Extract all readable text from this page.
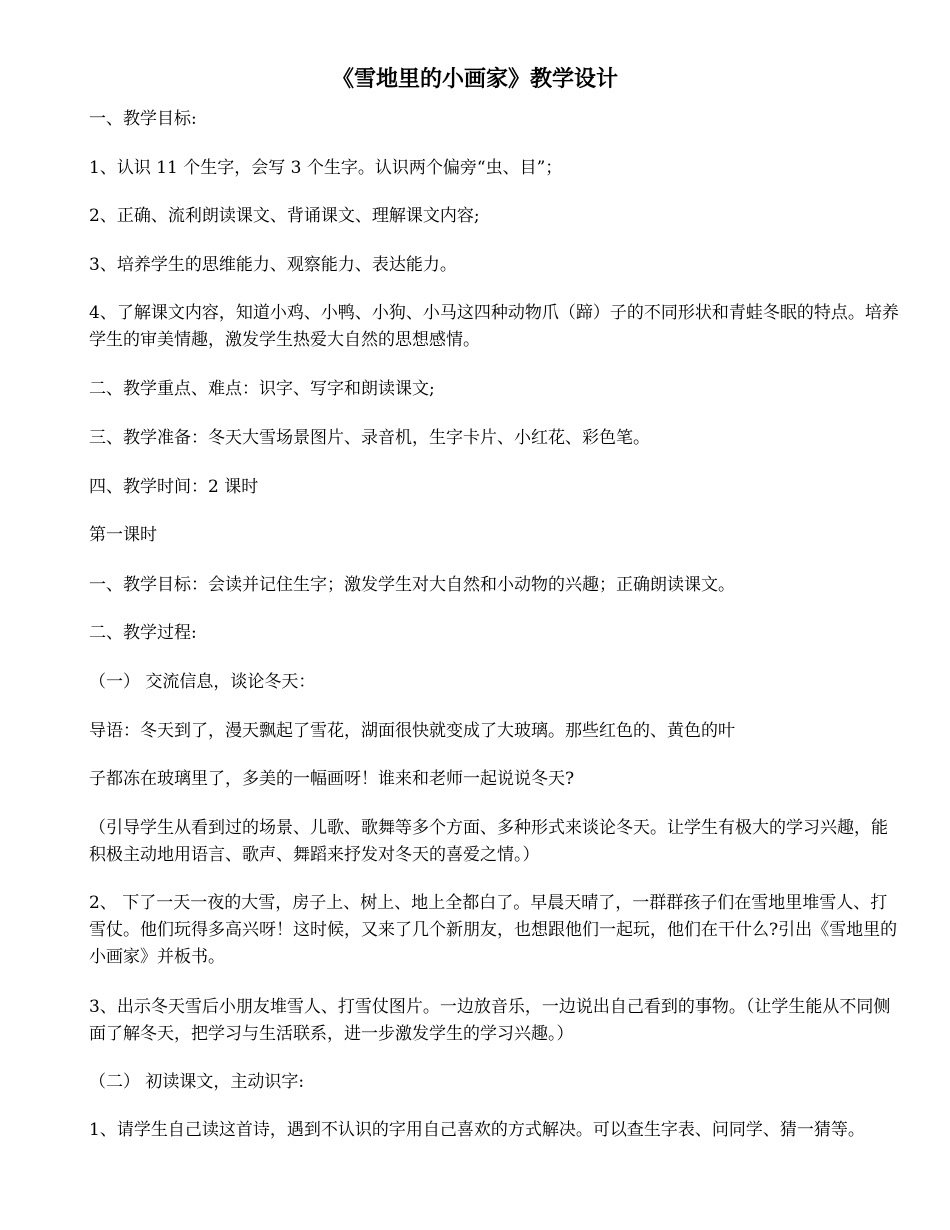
《雪地里的小画家》教学设计

一、教学目标:

1、认识 11 个生字，会写 3 个生字。认识两个偏旁“虫、目”；

2、正确、流利朗读课文、背诵课文、理解课文内容;

3、培养学生的思维能力、观察能力、表达能力。

4、了解课文内容，知道小鸡、小鸭、小狗、小马这四种动物爪（蹄）子的不同形状和青蛙冬眠的特点。培养学生的审美情趣，激发学生热爱大自然的思想感情。

二、教学重点、难点：识字、写字和朗读课文;

三、教学准备：冬天大雪场景图片、录音机，生字卡片、小红花、彩色笔。

四、教学时间：2 课时

第一课时

一、教学目标：会读并记住生字；激发学生对大自然和小动物的兴趣；正确朗读课文。

二、教学过程:

（一） 交流信息，谈论冬天：

导语：冬天到了，漫天飘起了雪花，湖面很快就变成了大玻璃。那些红色的、黄色的叶

子都冻在玻璃里了，多美的一幅画呀！谁来和老师一起说说冬天?

（引导学生从看到过的场景、儿歌、歌舞等多个方面、多种形式来谈论冬天。让学生有极大的学习兴趣，能积极主动地用语言、歌声、舞蹈来抒发对冬天的喜爱之情。）

2、 下了一天一夜的大雪，房子上、树上、地上全都白了。早晨天晴了，一群群孩子们在雪地里堆雪人、打雪仗。他们玩得多高兴呀！这时候，又来了几个新朋友，也想跟他们一起玩，他们在干什么?引出《雪地里的小画家》并板书。

3、出示冬天雪后小朋友堆雪人、打雪仗图片。一边放音乐，一边说出自己看到的事物。（让学生能从不同侧面了解冬天，把学习与生活联系，进一步激发学生的学习兴趣。）

（二） 初读课文，主动识字:

1、请学生自己读这首诗，遇到不认识的字用自己喜欢的方式解决。可以查生字表、问同学、猜一猜等。
